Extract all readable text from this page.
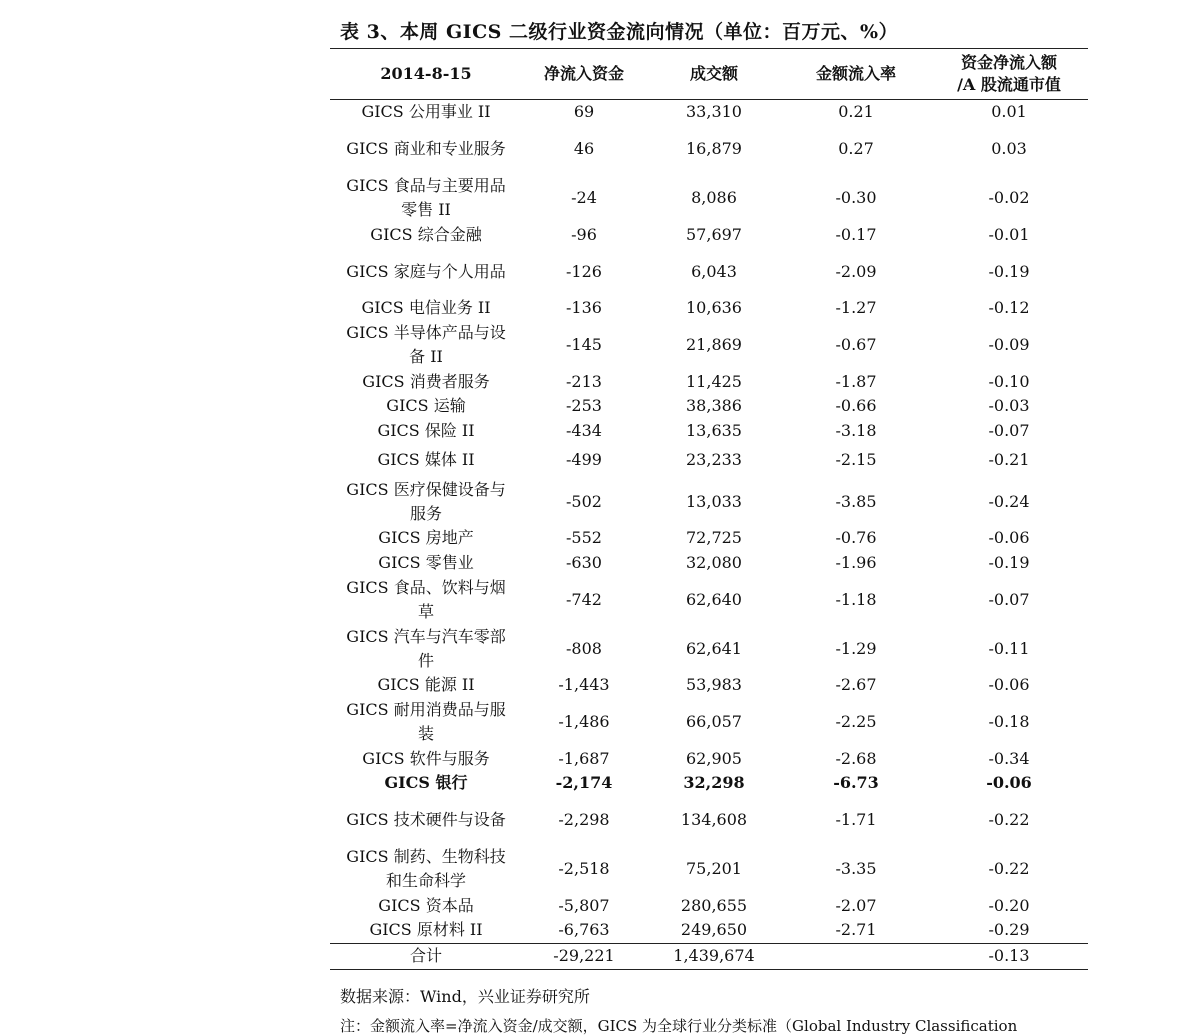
表 3、本周 GICS 二级行业资金流向情况（单位：百万元、%）
2014-8-15	净流入资金	成交额	金额流入率	资金净流入额
/A 股流通市值
GICS 公用事业 II	69	33,310	0.21	0.01
GICS 商业和专业服务	46	16,879	0.27	0.03
GICS 食品与主要用品零售 II	-24	8,086	-0.30	-0.02
GICS 综合金融	-96	57,697	-0.17	-0.01
GICS 家庭与个人用品	-126	6,043	-2.09	-0.19
GICS 电信业务 II	-136	10,636	-1.27	-0.12
GICS 半导体产品与设备 II	-145	21,869	-0.67	-0.09
GICS 消费者服务	-213	11,425	-1.87	-0.10
GICS 运输	-253	38,386	-0.66	-0.03
GICS 保险 II	-434	13,635	-3.18	-0.07
GICS 媒体 II	-499	23,233	-2.15	-0.21
GICS 医疗保健设备与服务	-502	13,033	-3.85	-0.24
GICS 房地产	-552	72,725	-0.76	-0.06
GICS 零售业	-630	32,080	-1.96	-0.19
GICS 食品、饮料与烟草	-742	62,640	-1.18	-0.07
GICS 汽车与汽车零部件	-808	62,641	-1.29	-0.11
GICS 能源 II	-1,443	53,983	-2.67	-0.06
GICS 耐用消费品与服装	-1,486	66,057	-2.25	-0.18
GICS 软件与服务	-1,687	62,905	-2.68	-0.34
GICS 银行	-2,174	32,298	-6.73	-0.06
GICS 技术硬件与设备	-2,298	134,608	-1.71	-0.22
GICS 制药、生物科技和生命科学	-2,518	75,201	-3.35	-0.22
GICS 资本品	-5,807	280,655	-2.07	-0.20
GICS 原材料 II	-6,763	249,650	-2.71	-0.29
合计	-29,221	1,439,674		-0.13
数据来源：Wind，兴业证券研究所
注：金额流入率=净流入资金/成交额，GICS 为全球行业分类标准（Global Industry Classification
